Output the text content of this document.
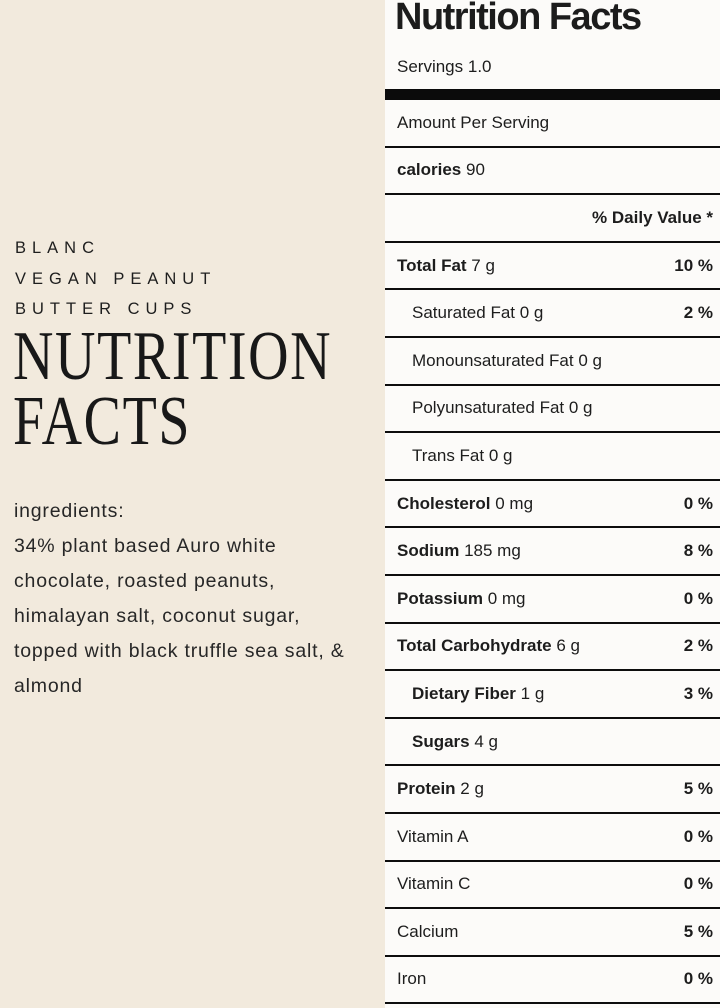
BLANC
VEGAN PEANUT
BUTTER CUPS
NUTRITION
FACTS
ingredients:
34% plant based Auro white
chocolate, roasted peanuts,
himalayan salt, coconut sugar,
topped with black truffle sea salt, &
almond
Nutrition Facts
Servings 1.0
Amount Per Serving
calories 90
% Daily Value *
Total Fat 7 g	10 %
Saturated Fat 0 g	2 %
Monounsaturated Fat 0 g
Polyunsaturated Fat 0 g
Trans Fat 0 g
Cholesterol 0 mg	0 %
Sodium 185 mg	8 %
Potassium 0 mg	0 %
Total Carbohydrate 6 g	2 %
Dietary Fiber 1 g	3 %
Sugars 4 g
Protein 2 g	5 %
Vitamin A	0 %
Vitamin C	0 %
Calcium	5 %
Iron	0 %
